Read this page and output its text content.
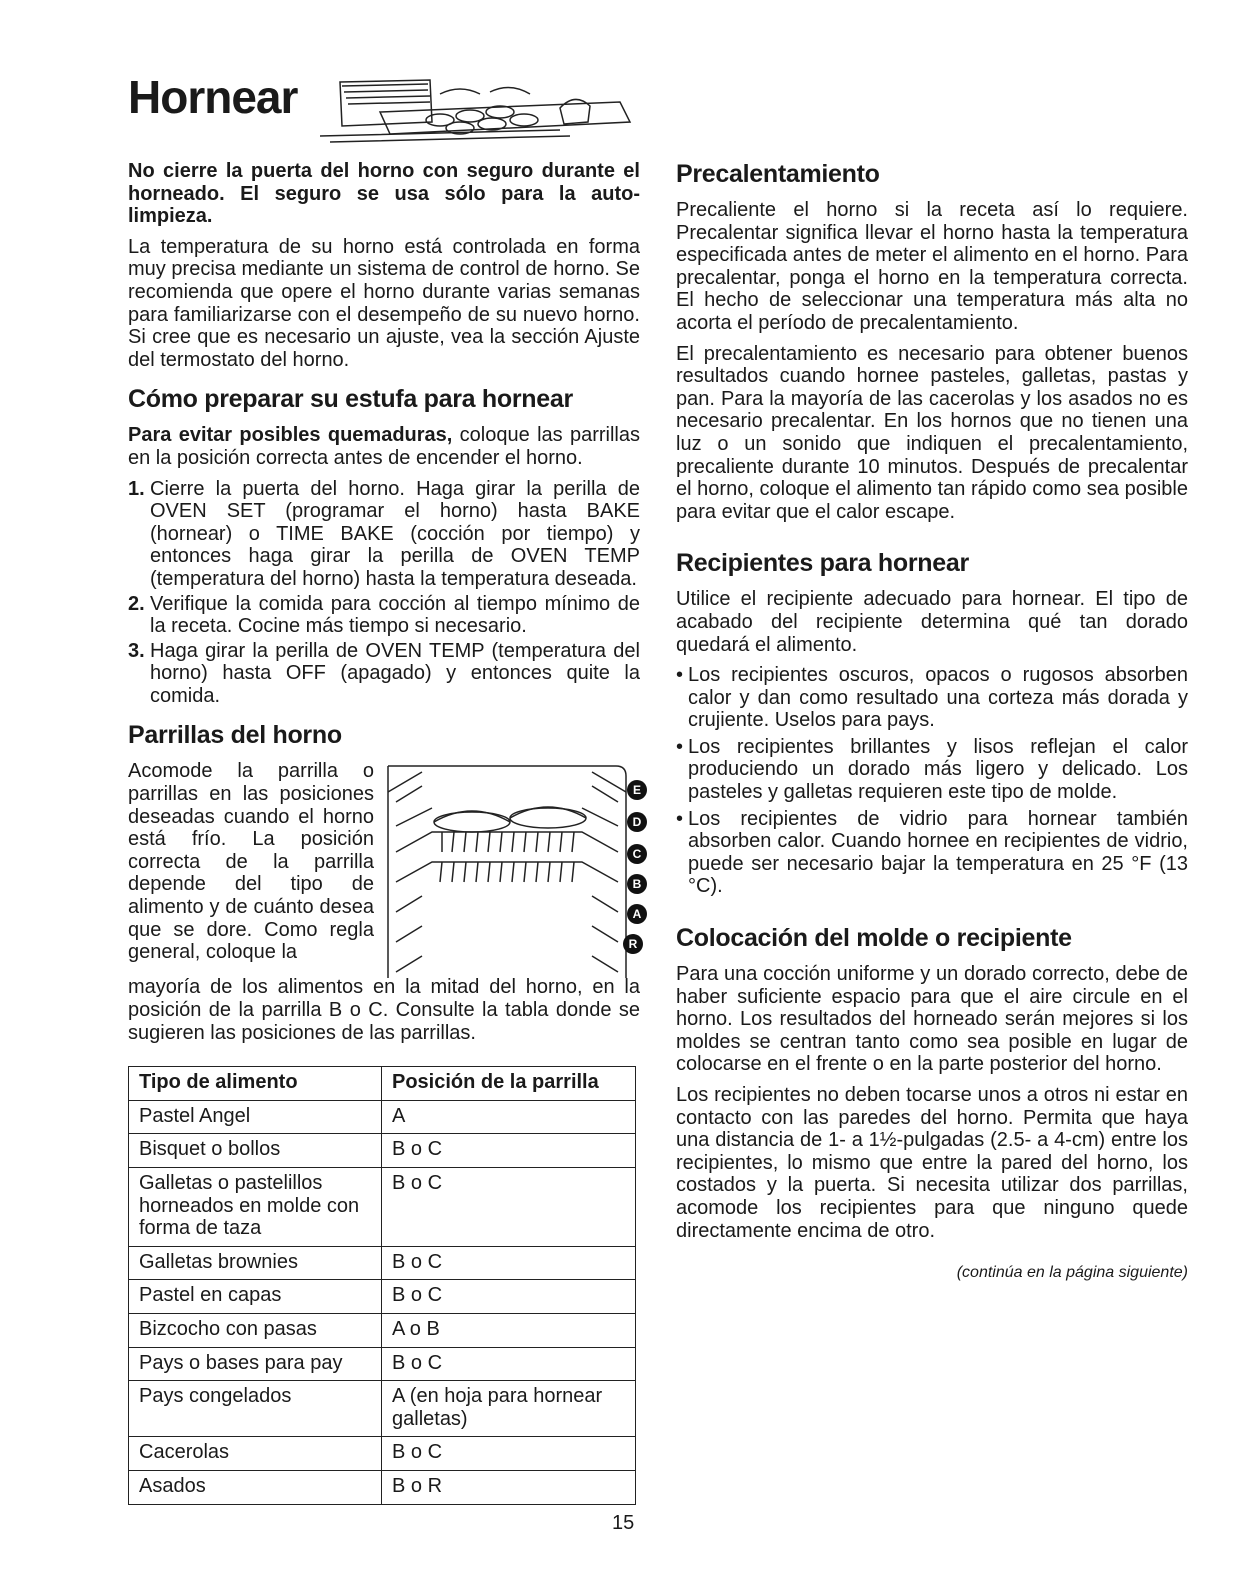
Hornear

No cierre la puerta del horno con seguro durante el horneado. El seguro se usa sólo para la auto-limpieza.

La temperatura de su horno está controlada en forma muy precisa mediante un sistema de control de horno. Se recomienda que opere el horno durante varias semanas para familiarizarse con el desempeño de su nuevo horno. Si cree que es necesario un ajuste, vea la sección Ajuste del termostato del horno.

Cómo preparar su estufa para hornear

Para evitar posibles quemaduras, coloque las parrillas en la posición correcta antes de encender el horno.

1. Cierre la puerta del horno. Haga girar la perilla de OVEN SET (programar el horno) hasta BAKE (hornear) o TIME BAKE (cocción por tiempo) y entonces haga girar la perilla de OVEN TEMP (temperatura del horno) hasta la temperatura deseada.
2. Verifique la comida para cocción al tiempo mínimo de la receta. Cocine más tiempo si necesario.
3. Haga girar la perilla de OVEN TEMP (temperatura del horno) hasta OFF (apagado) y entonces quite la comida.
Parrillas del horno

Acomode la parrilla o parrillas en las posiciones deseadas cuando el horno está frío. La posición correcta de la parrilla depende del tipo de alimento y de cuánto desea que se dore. Como regla general, coloque la

E
D
C
B
A
R

mayoría de los alimentos en la mitad del horno, en la posición de la parrilla B o C. Consulte la tabla donde se sugieren las posiciones de las parrillas.

Tipo de alimento	Posición de la parrilla
Pastel Angel	A
Bisquet o bollos	B o C
Galletas o pastelillos horneados en molde con forma de taza	B o C
Galletas brownies	B o C
Pastel en capas	B o C
Bizcocho con pasas	A o B
Pays o bases para pay	B o C
Pays congelados	A (en hoja para hornear galletas)
Cacerolas	B o C
Asados	B o R
Precalentamiento

Precaliente el horno si la receta así lo requiere. Precalentar significa llevar el horno hasta la temperatura especificada antes de meter el alimento en el horno. Para precalentar, ponga el horno en la temperatura correcta. El hecho de seleccionar una temperatura más alta no acorta el período de precalentamiento.

El precalentamiento es necesario para obtener buenos resultados cuando hornee pasteles, galletas, pastas y pan. Para la mayoría de las cacerolas y los asados no es necesario precalentar. En los hornos que no tienen una luz o un sonido que indiquen el precalentamiento, precaliente durante 10 minutos. Después de precalentar el horno, coloque el alimento tan rápido como sea posible para evitar que el calor escape.

Recipientes para hornear

Utilice el recipiente adecuado para hornear. El tipo de acabado del recipiente determina qué tan dorado quedará el alimento.

• Los recipientes oscuros, opacos o rugosos absorben calor y dan como resultado una corteza más dorada y crujiente. Uselos para pays.
• Los recipientes brillantes y lisos reflejan el calor produciendo un dorado más ligero y delicado. Los pasteles y galletas requieren este tipo de molde.
• Los recipientes de vidrio para hornear también absorben calor. Cuando hornee en recipientes de vidrio, puede ser necesario bajar la temperatura en 25 °F (13 °C).
Colocación del molde o recipiente

Para una cocción uniforme y un dorado correcto, debe de haber suficiente espacio para que el aire circule en el horno. Los resultados del horneado serán mejores si los moldes se centran tanto como sea posible en lugar de colocarse en el frente o en la parte posterior del horno.

Los recipientes no deben tocarse unos a otros ni estar en contacto con las paredes del horno. Permita que haya una distancia de 1- a 1½-pulgadas (2.5- a 4-cm) entre los recipientes, lo mismo que entre la pared del horno, los costados y la puerta. Si necesita utilizar dos parrillas, acomode los recipientes para que ninguno quede directamente encima de otro.

(continúa en la página siguiente)
15
